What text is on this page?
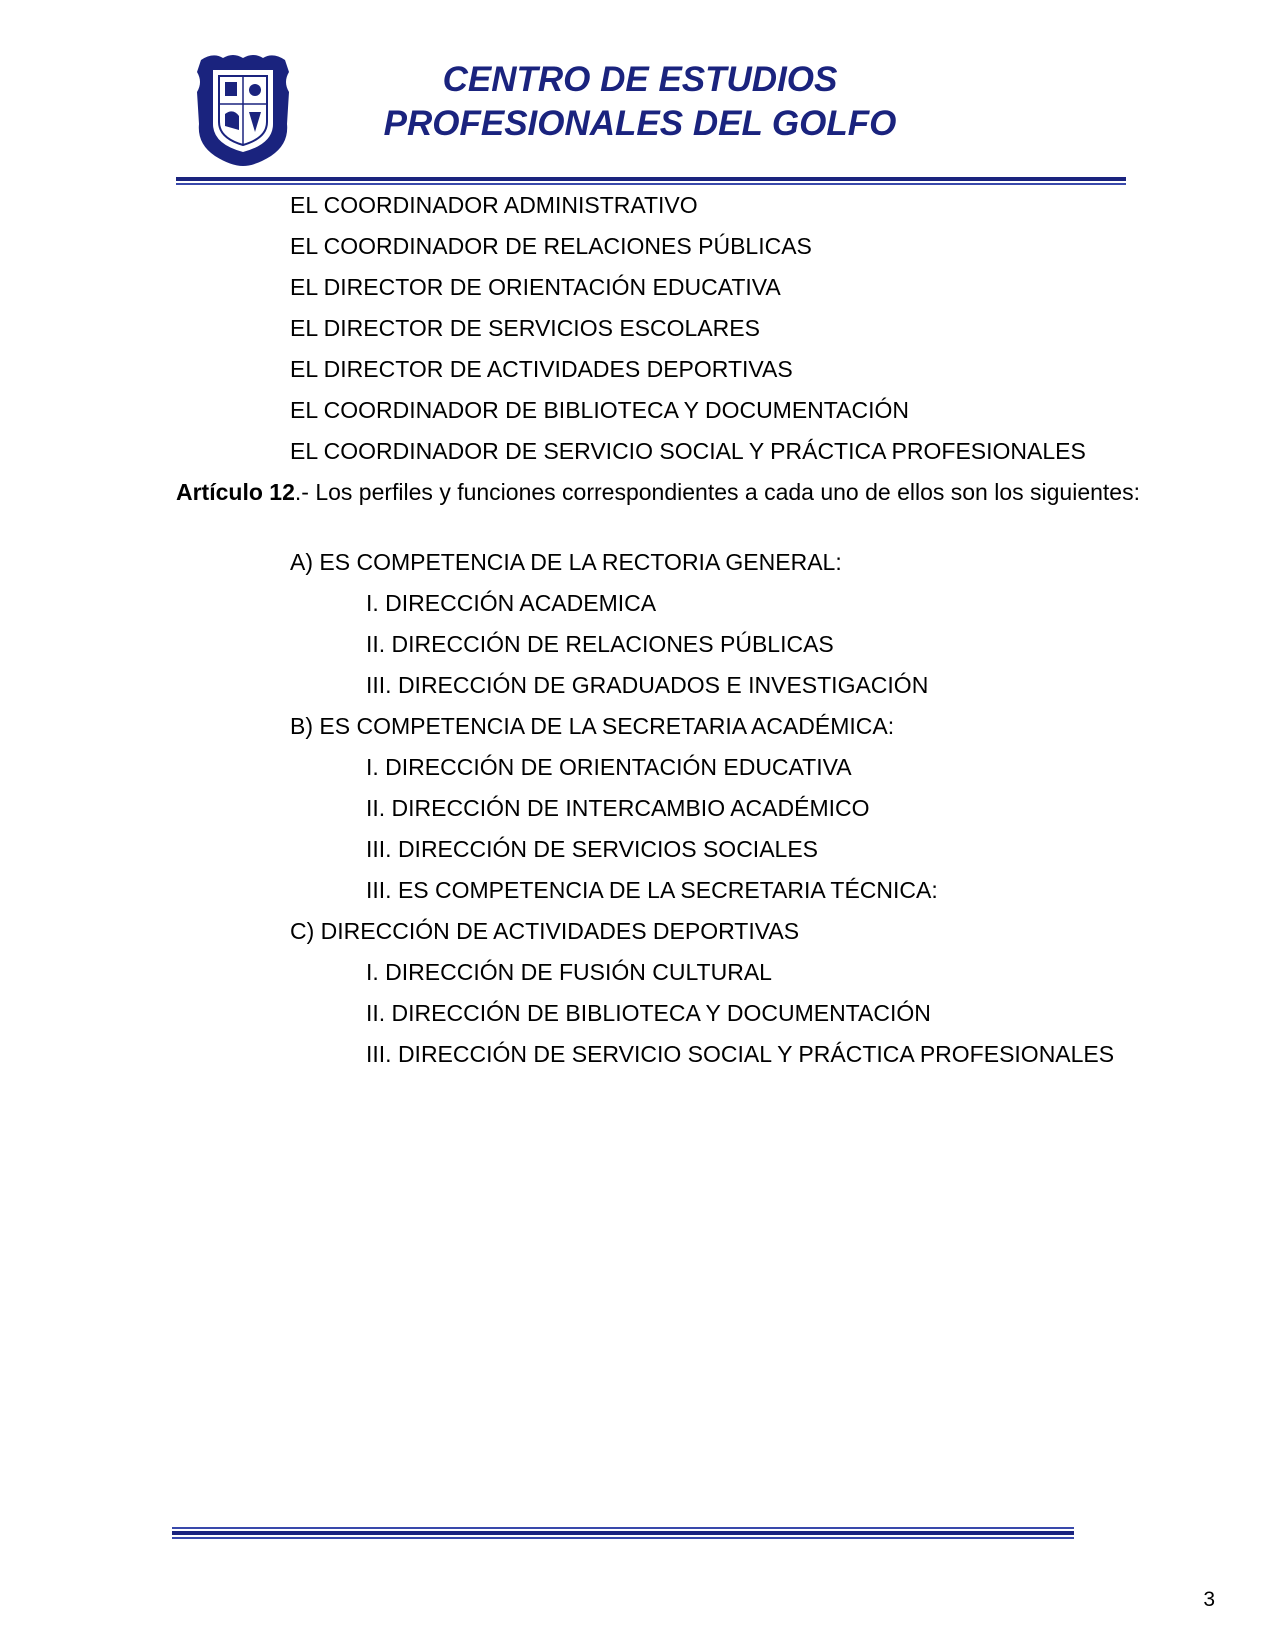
CENTRO DE ESTUDIOS
PROFESIONALES DEL GOLFO
EL COORDINADOR ADMINISTRATIVO
EL COORDINADOR DE RELACIONES PÚBLICAS
EL DIRECTOR DE ORIENTACIÓN EDUCATIVA
EL DIRECTOR DE SERVICIOS ESCOLARES
EL DIRECTOR DE ACTIVIDADES DEPORTIVAS
EL COORDINADOR DE BIBLIOTECA Y DOCUMENTACIÓN
EL COORDINADOR DE SERVICIO SOCIAL Y PRÁCTICA PROFESIONALES
Artículo 12.- Los perfiles y funciones correspondientes a cada uno de ellos son los siguientes:
A) ES COMPETENCIA DE LA RECTORIA GENERAL:
I. DIRECCIÓN ACADEMICA
II. DIRECCIÓN DE RELACIONES PÚBLICAS
III. DIRECCIÓN DE GRADUADOS E INVESTIGACIÓN
B) ES COMPETENCIA DE LA SECRETARIA ACADÉMICA:
I. DIRECCIÓN DE ORIENTACIÓN EDUCATIVA
II. DIRECCIÓN DE INTERCAMBIO ACADÉMICO
III. DIRECCIÓN DE SERVICIOS SOCIALES
III. ES COMPETENCIA DE LA SECRETARIA TÉCNICA:
C) DIRECCIÓN DE ACTIVIDADES DEPORTIVAS
I. DIRECCIÓN DE FUSIÓN CULTURAL
II. DIRECCIÓN DE BIBLIOTECA Y DOCUMENTACIÓN
III. DIRECCIÓN DE SERVICIO SOCIAL Y PRÁCTICA PROFESIONALES
3
